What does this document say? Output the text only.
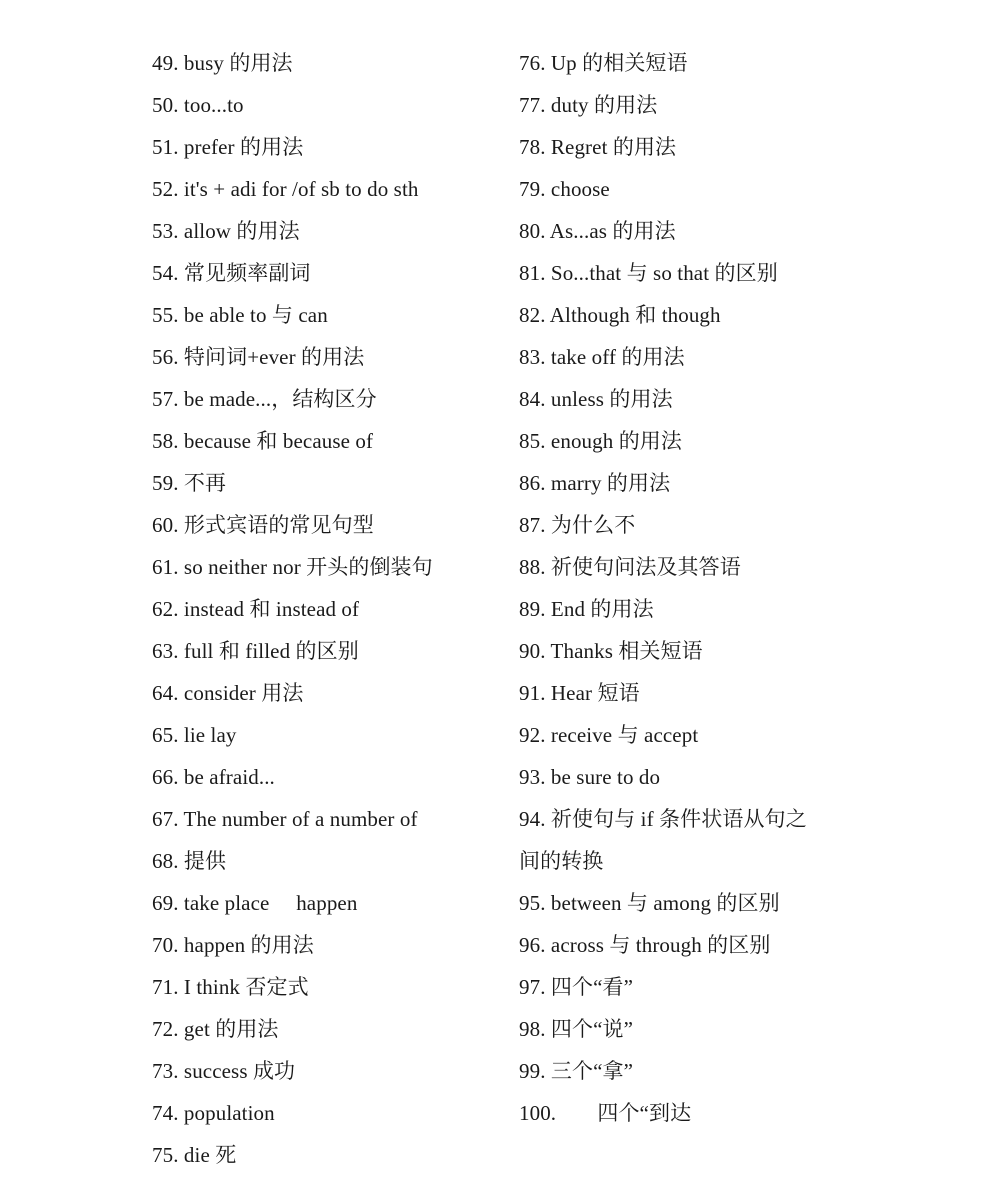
49. busy 的用法
50. too...to
51. prefer 的用法
52. it's + adi for /of sb to do sth
53. allow 的用法
54. 常见频率副词
55. be able to 与 can
56. 特问词+ever 的用法
57. be made...，结构区分
58. because 和 because of
59. 不再
60. 形式宾语的常见句型
61. so neither nor 开头的倒装句
62. instead 和 instead of
63. full 和 filled 的区别
64. consider 用法
65. lie lay
66. be afraid...
67. The number of a number of
68. 提供
69. take place     happen
70. happen 的用法
71. I think 否定式
72. get 的用法
73. success 成功
74. population
75. die 死
76. Up 的相关短语
77. duty 的用法
78. Regret 的用法
79. choose
80. As...as 的用法
81. So...that 与 so that 的区别
82. Although 和 though
83. take off 的用法
84. unless 的用法
85. enough 的用法
86. marry 的用法
87. 为什么不
88. 祈使句问法及其答语
89. End 的用法
90. Thanks 相关短语
91. Hear 短语
92. receive 与 accept
93. be sure to do
94. 祈使句与 if 条件状语从句之
间的转换
95. between 与 among 的区别
96. across 与 through 的区别
97. 四个“看”
98. 四个“说”
99. 三个“拿”
100. 四个“到达
